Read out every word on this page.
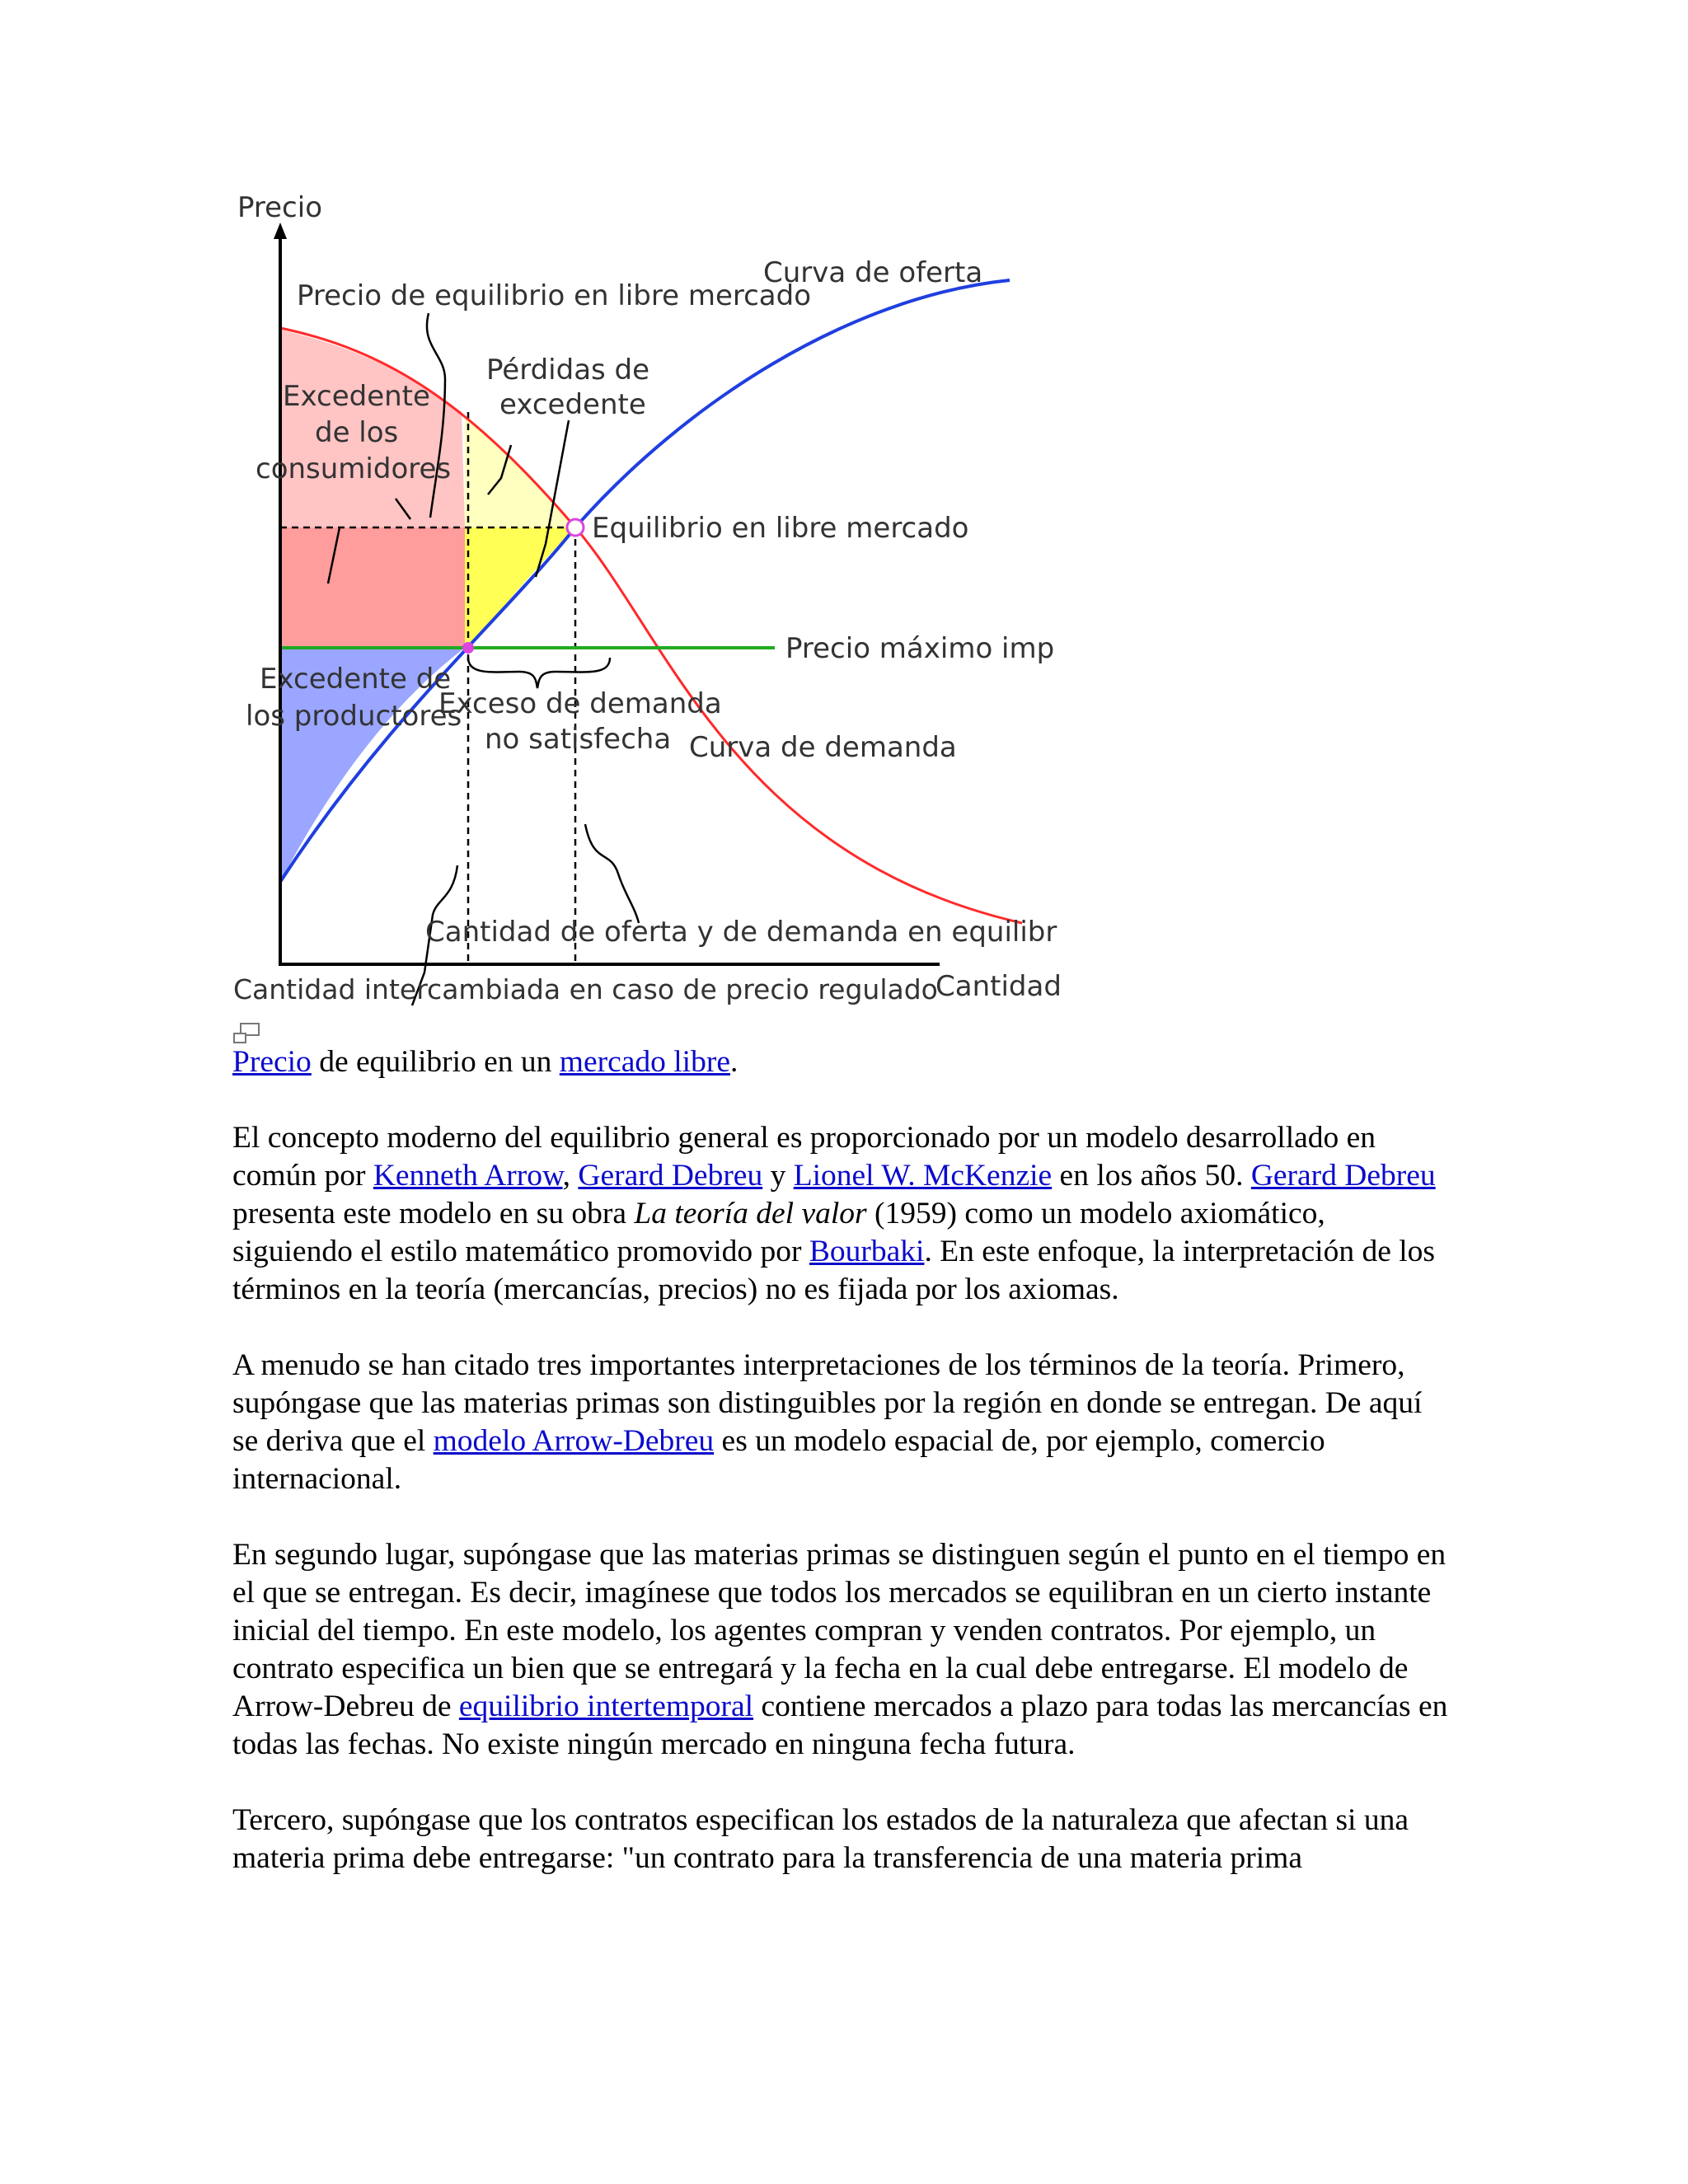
Precio
Curva de oferta
Precio de equilibrio en libre mercado
Pérdidas de
excedente
Excedente
de los
consumidores
Equilibrio en libre mercado
Precio máximo imp
Excedente de
los productores
Exceso de demanda
no satisfecha Curva de demanda
Cantidad de oferta y de demanda en equilibr
Cantidad intercambiada en caso de precio regulado
Cantidad
Precio de equilibrio en un mercado libre.

El concepto moderno del equilibrio general es proporcionado por un modelo desarrollado en común por Kenneth Arrow, Gerard Debreu y Lionel W. McKenzie en los años 50. Gerard Debreu presenta este modelo en su obra La teoría del valor (1959) como un modelo axiomático, siguiendo el estilo matemático promovido por Bourbaki. En este enfoque, la interpretación de los términos en la teoría (mercancías, precios) no es fijada por los axiomas.

A menudo se han citado tres importantes interpretaciones de los términos de la teoría. Primero, supóngase que las materias primas son distinguibles por la región en donde se entregan. De aquí se deriva que el modelo Arrow-Debreu es un modelo espacial de, por ejemplo, comercio internacional.

En segundo lugar, supóngase que las materias primas se distinguen según el punto en el tiempo en el que se entregan. Es decir, imagínese que todos los mercados se equilibran en un cierto instante inicial del tiempo. En este modelo, los agentes compran y venden contratos. Por ejemplo, un contrato especifica un bien que se entregará y la fecha en la cual debe entregarse. El modelo de Arrow-Debreu de equilibrio intertemporal contiene mercados a plazo para todas las mercancías en todas las fechas. No existe ningún mercado en ninguna fecha futura.

Tercero, supóngase que los contratos especifican los estados de la naturaleza que afectan si una materia prima debe entregarse: "un contrato para la transferencia de una materia prima
